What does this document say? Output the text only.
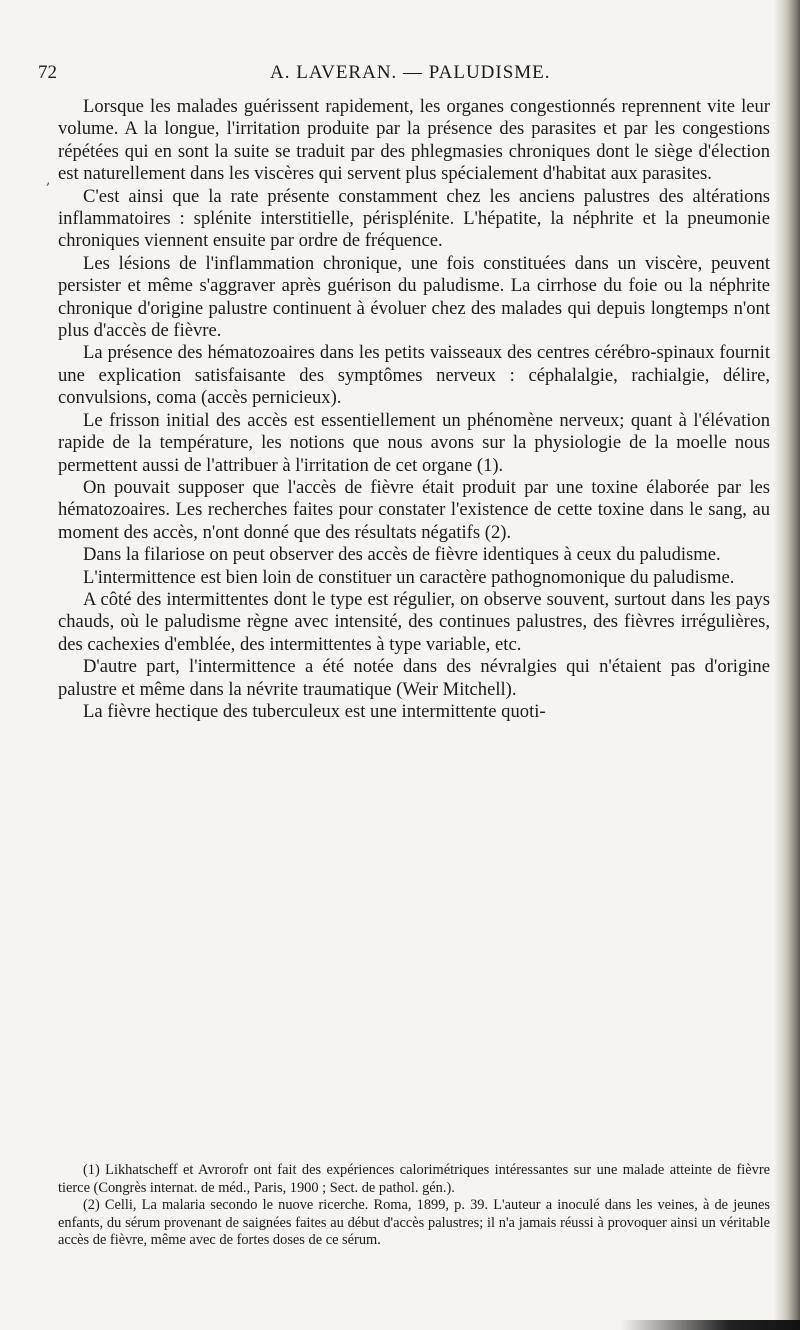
72	A. LAVERAN. — PALUDISME.
,

Lorsque les malades guérissent rapidement, les organes congestionnés reprennent vite leur volume. A la longue, l'irritation produite par la présence des parasites et par les congestions répétées qui en sont la suite se traduit par des phlegmasies chroniques dont le siège d'élection est naturellement dans les viscères qui servent plus spécialement d'habitat aux parasites.

C'est ainsi que la rate présente constamment chez les anciens palustres des altérations inflammatoires : splénite interstitielle, périsplénite. L'hépatite, la néphrite et la pneumonie chroniques viennent ensuite par ordre de fréquence.

Les lésions de l'inflammation chronique, une fois constituées dans un viscère, peuvent persister et même s'aggraver après guérison du paludisme. La cirrhose du foie ou la néphrite chronique d'origine palustre continuent à évoluer chez des malades qui depuis longtemps n'ont plus d'accès de fièvre.

La présence des hématozoaires dans les petits vaisseaux des centres cérébro-spinaux fournit une explication satisfaisante des symptômes nerveux : céphalalgie, rachialgie, délire, convulsions, coma (accès pernicieux).

Le frisson initial des accès est essentiellement un phénomène nerveux; quant à l'élévation rapide de la température, les notions que nous avons sur la physiologie de la moelle nous permettent aussi de l'attribuer à l'irritation de cet organe (1).

On pouvait supposer que l'accès de fièvre était produit par une toxine élaborée par les hématozoaires. Les recherches faites pour constater l'existence de cette toxine dans le sang, au moment des accès, n'ont donné que des résultats négatifs (2).

Dans la filariose on peut observer des accès de fièvre identiques à ceux du paludisme.

L'intermittence est bien loin de constituer un caractère pathognomonique du paludisme.

A côté des intermittentes dont le type est régulier, on observe souvent, surtout dans les pays chauds, où le paludisme règne avec intensité, des continues palustres, des fièvres irrégulières, des cachexies d'emblée, des intermittentes à type variable, etc.

D'autre part, l'intermittence a été notée dans des névralgies qui n'étaient pas d'origine palustre et même dans la névrite traumatique (Weir Mitchell).

La fièvre hectique des tuberculeux est une intermittente quoti-

(1) Likhatscheff et Avrorofr ont fait des expériences calorimétriques intéressantes sur une malade atteinte de fièvre tierce (Congrès internat. de méd., Paris, 1900 ; Sect. de pathol. gén.).

(2) Celli, La malaria secondo le nuove ricerche. Roma, 1899, p. 39. L'auteur a inoculé dans les veines, à de jeunes enfants, du sérum provenant de saignées faites au début d'accès palustres; il n'a jamais réussi à provoquer ainsi un véritable accès de fièvre, même avec de fortes doses de ce sérum.
